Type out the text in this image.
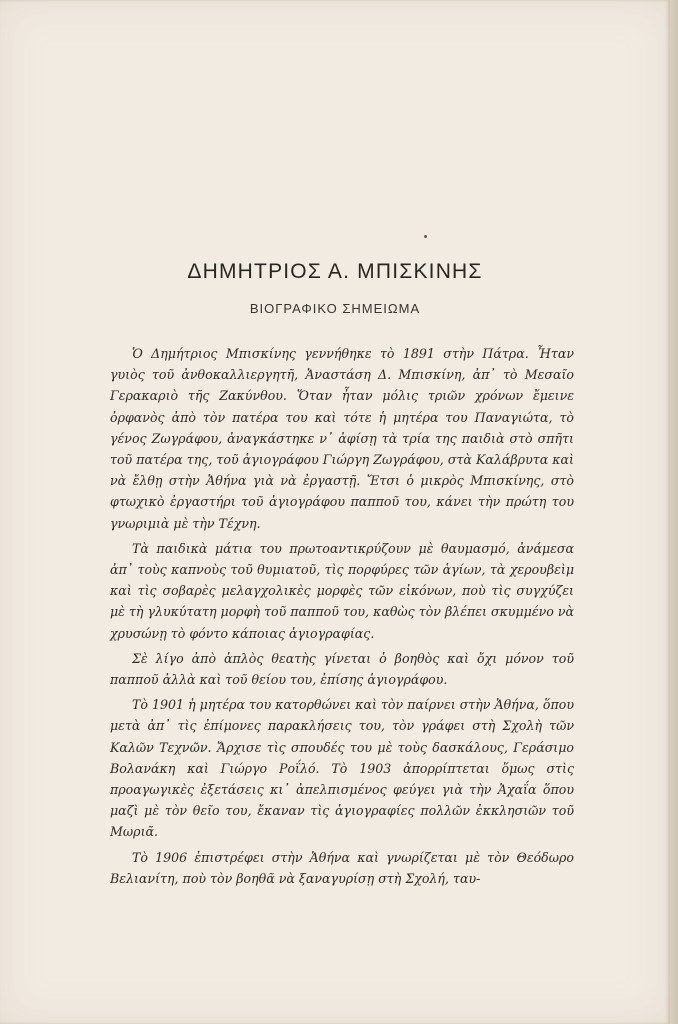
ΔΗΜΗΤΡΙΟΣ Α. ΜΠΙΣΚΙΝΗΣ
ΒΙΟΓΡΑΦΙΚΟ ΣΗΜΕΙΩΜΑ

Ὁ Δημήτριος Μπισκίνης γεννήθηκε τὸ 1891 στὴν Πάτρα. Ἦταν γυιὸς τοῦ ἀνθοκαλλιεργητῆ, Ἀναστάση Δ. Μπισκίνη, ἀπ᾽ τὸ Μεσαῖο Γερακαριὸ τῆς Ζακύνθου. Ὅταν ἦταν μόλις τριῶν χρόνων ἔμεινε ὀρφανὸς ἀπὸ τὸν πατέρα του καὶ τότε ἡ μητέρα του Παναγιώτα, τὸ γένος Ζωγράφου, ἀναγκάστηκε ν᾽ ἀφίσῃ τὰ τρία της παιδιὰ στὸ σπῆτι τοῦ πατέρα της, τοῦ ἁγιογράφου Γιώργη Ζωγράφου, στὰ Καλάβρυτα καὶ νὰ ἔλθῃ στὴν Ἀθήνα γιὰ νὰ ἐργαστῇ. Ἔτσι ὁ μικρὸς Μπισκίνης, στὸ φτωχικὸ ἐργαστήρι τοῦ ἁγιογράφου παπποῦ του, κάνει τὴν πρώτη του γνωριμιὰ μὲ τὴν Τέχνη.

Τὰ παιδικὰ μάτια του πρωτοαντικρύζουν μὲ θαυμασμό, ἀνάμεσα ἀπ᾽ τοὺς καπνοὺς τοῦ θυμιατοῦ, τὶς πορφύρες τῶν ἁγίων, τὰ χερουβεὶμ καὶ τὶς σοβαρὲς μελαγχολικὲς μορφὲς τῶν εἰκόνων, ποὺ τὶς συγχύζει μὲ τὴ γλυκύτατη μορφὴ τοῦ παπποῦ του, καθὼς τὸν βλέπει σκυμμένο νὰ χρυσώνῃ τὸ φόντο κάποιας ἁγιογραφίας.

Σὲ λίγο ἀπὸ ἁπλὸς θεατὴς γίνεται ὁ βοηθὸς καὶ ὄχι μόνον τοῦ παπποῦ ἀλλὰ καὶ τοῦ θείου του, ἐπίσης ἁγιογράφου.

Τὸ 1901 ἡ μητέρα του κατορθώνει καὶ τὸν παίρνει στὴν Ἀθήνα, ὅπου μετὰ ἀπ᾽ τὶς ἐπίμονες παρακλήσεις του, τὸν γράφει στὴ Σχολὴ τῶν Καλῶν Τεχνῶν. Ἄρχισε τὶς σπουδές του μὲ τοὺς δασκάλους, Γεράσιμο Βολανάκη καὶ Γιώργο Ροΐλό. Τὸ 1903 ἀπορρίπτεται ὅμως στὶς προαγωγικὲς ἐξετάσεις κι᾽ ἀπελπισμένος φεύγει γιὰ τὴν Ἀχαΐα ὅπου μαζὶ μὲ τὸν θεῖο του, ἔκαναν τὶς ἁγιογραφίες πολλῶν ἐκκλησιῶν τοῦ Μωριᾶ.

Τὸ 1906 ἐπιστρέφει στὴν Ἀθήνα καὶ γνωρίζεται μὲ τὸν Θεόδωρο Βελιανίτη, ποὺ τὸν βοηθᾶ νὰ ξαναγυρίσῃ στὴ Σχολή, ταυ-
